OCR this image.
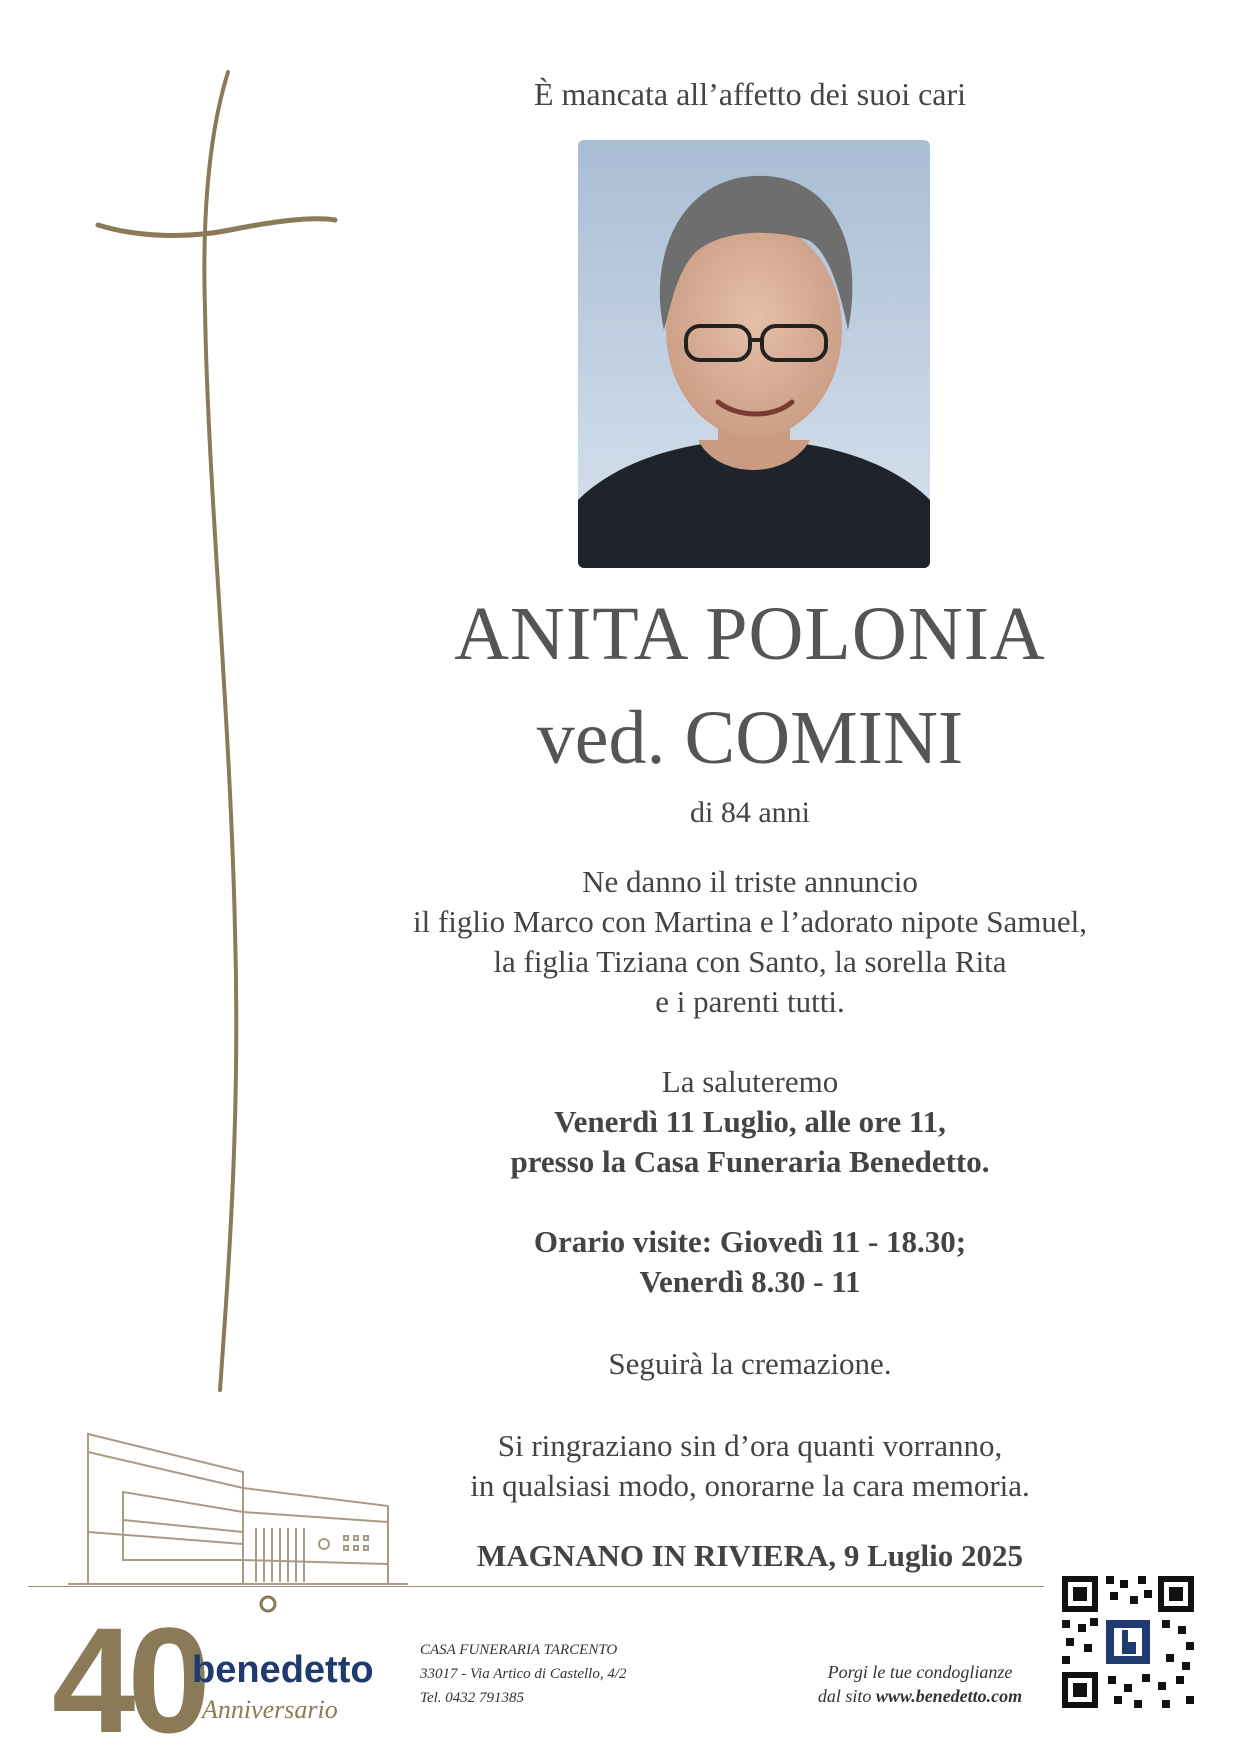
È mancata all’affetto dei suoi cari
ANITA POLONIA
ved. COMINI
di 84 anni
Ne danno il triste annuncio
il figlio Marco con Martina e l’adorato nipote Samuel,
la figlia Tiziana con Santo, la sorella Rita
e i parenti tutti.
La saluteremo
Venerdì 11 Luglio, alle ore 11,
presso la Casa Funeraria Benedetto.
Orario visite: Giovedì 11 - 18.30;
Venerdì 8.30 - 11
Seguirà la cremazione.
Si ringraziano sin d’ora quanti vorranno,
in qualsiasi modo, onorarne la cara memoria.
MAGNANO IN RIVIERA, 9 Luglio 2025
40
benedetto
Anniversario
CASA FUNERARIA TARCENTO
33017 - Via Artico di Castello, 4/2
Tel. 0432 791385
Porgi le tue condoglianze
dal sito www.benedetto.com
